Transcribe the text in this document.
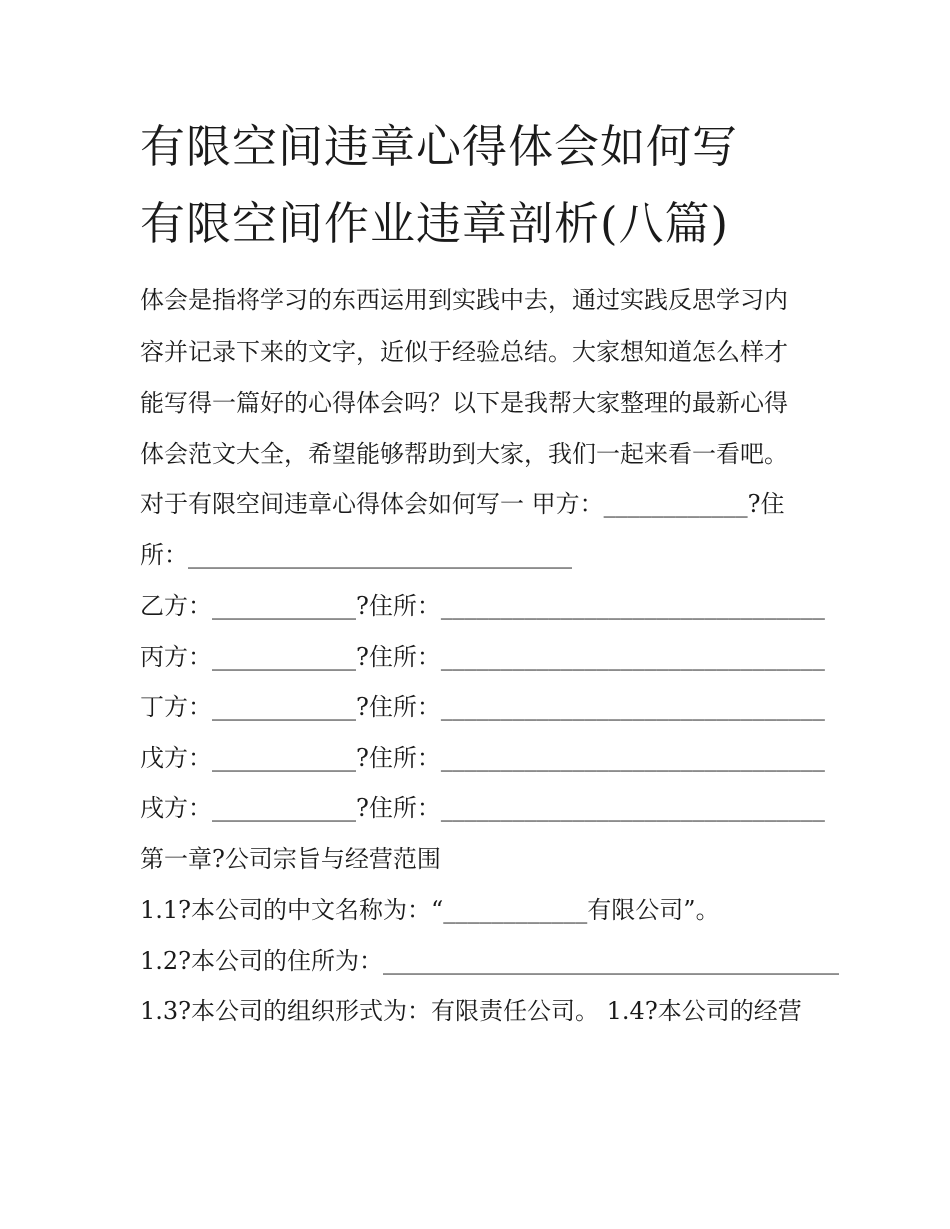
有限空间违章心得体会如何写
有限空间作业违章剖析(八篇)

体会是指将学习的东西运用到实践中去，通过实践反思学习内

容并记录下来的文字，近似于经验总结。大家想知道怎么样才

能写得一篇好的心得体会吗？以下是我帮大家整理的最新心得

体会范文大全，希望能够帮助到大家，我们一起来看一看吧。

对于有限空间违章心得体会如何写一 甲方：____________?住

所：________________________________

乙方：____________?住所：________________________________

丙方：____________?住所：________________________________

丁方：____________?住所：________________________________

戊方：____________?住所：________________________________

戌方：____________?住所：________________________________

第一章?公司宗旨与经营范围

1.1?本公司的中文名称为：“____________有限公司”。

1.2?本公司的住所为：______________________________________

1.3?本公司的组织形式为：有限责任公司。 1.4?本公司的经营
